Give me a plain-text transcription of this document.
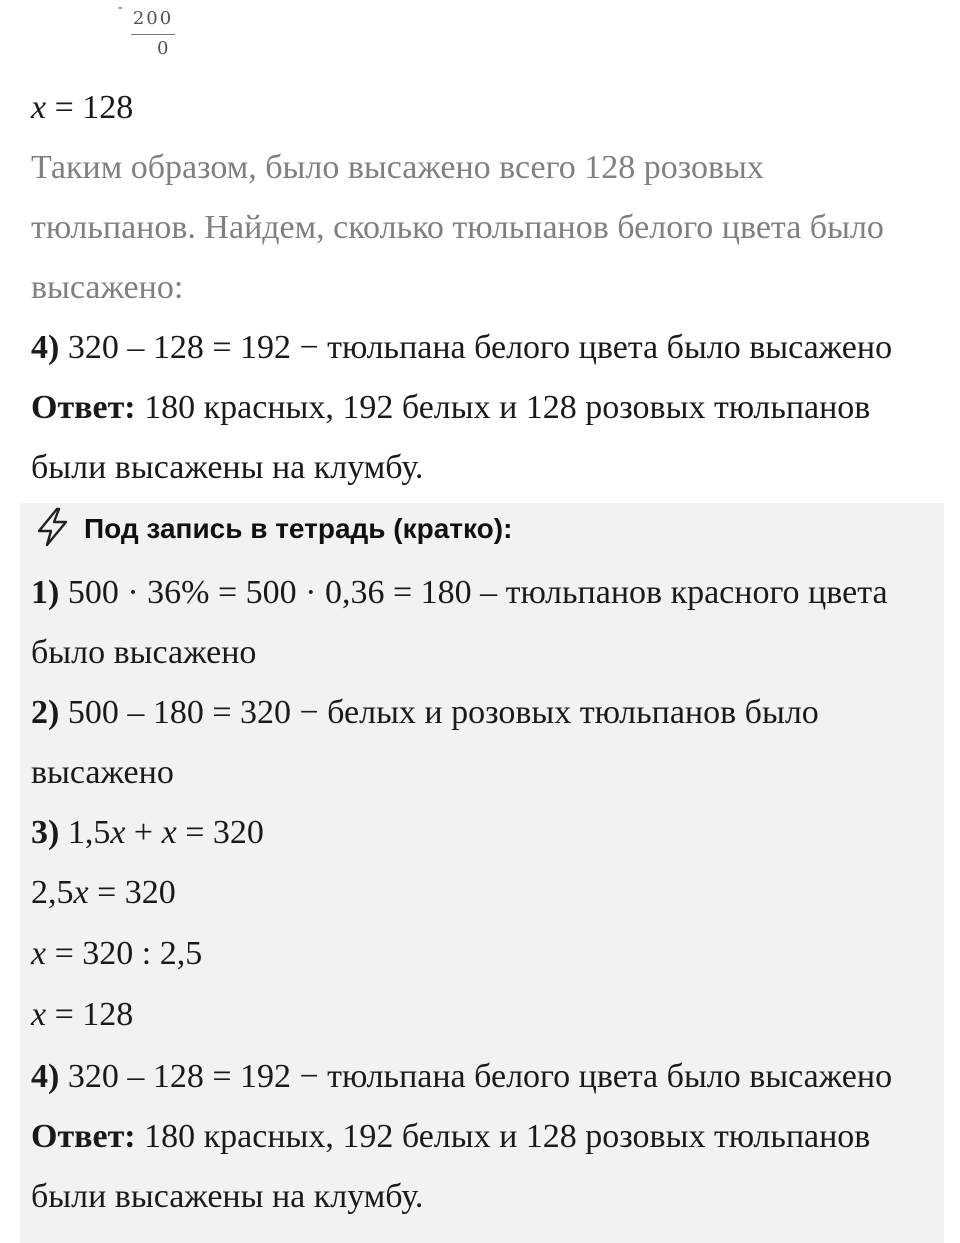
-
200
0
x = 128
Таким образом, было высажено всего 128 розовых
тюльпанов. Найдем, сколько тюльпанов белого цвета было
высажено:
4) 320 – 128 = 192 − тюльпана белого цвета было высажено
Ответ: 180 красных, 192 белых и 128 розовых тюльпанов
были высажены на клумбу.
Под запись в тетрадь (кратко):
1) 500 · 36% = 500 · 0,36 = 180 – тюльпанов красного цвета
было высажено
2) 500 – 180 = 320 − белых и розовых тюльпанов было
высажено
3) 1,5x + x = 320
2,5x = 320
x = 320 : 2,5
x = 128
4) 320 – 128 = 192 − тюльпана белого цвета было высажено
Ответ: 180 красных, 192 белых и 128 розовых тюльпанов
были высажены на клумбу.
